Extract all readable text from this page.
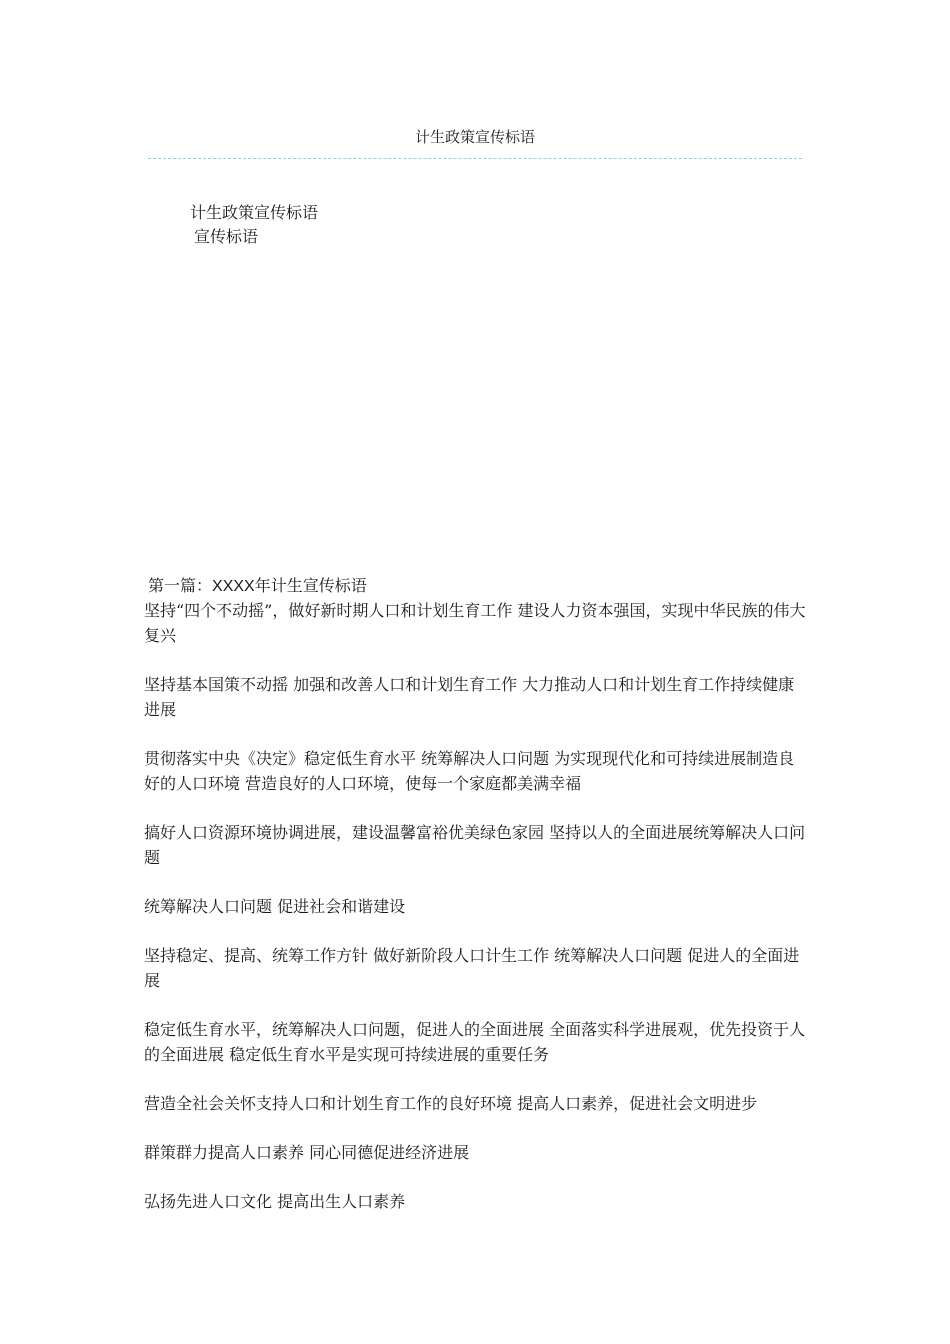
计生政策宣传标语
计生政策宣传标语
宣传标语
第一篇：XXXX年计生宣传标语
坚持“四个不动摇”，做好新时期人口和计划生育工作 建设人力资本强国，实现中华民族的伟大复兴
坚持基本国策不动摇 加强和改善人口和计划生育工作 大力推动人口和计划生育工作持续健康进展
贯彻落实中央《决定》稳定低生育水平 统筹解决人口问题 为实现现代化和可持续进展制造良好的人口环境 营造良好的人口环境，使每一个家庭都美满幸福
搞好人口资源环境协调进展，建设温馨富裕优美绿色家园 坚持以人的全面进展统筹解决人口问题
统筹解决人口问题 促进社会和谐建设
坚持稳定、提高、统筹工作方针 做好新阶段人口计生工作 统筹解决人口问题 促进人的全面进展
稳定低生育水平，统筹解决人口问题，促进人的全面进展 全面落实科学进展观，优先投资于人的全面进展 稳定低生育水平是实现可持续进展的重要任务
营造全社会关怀支持人口和计划生育工作的良好环境 提高人口素养，促进社会文明进步
群策群力提高人口素养 同心同德促进经济进展
弘扬先进人口文化 提高出生人口素养
